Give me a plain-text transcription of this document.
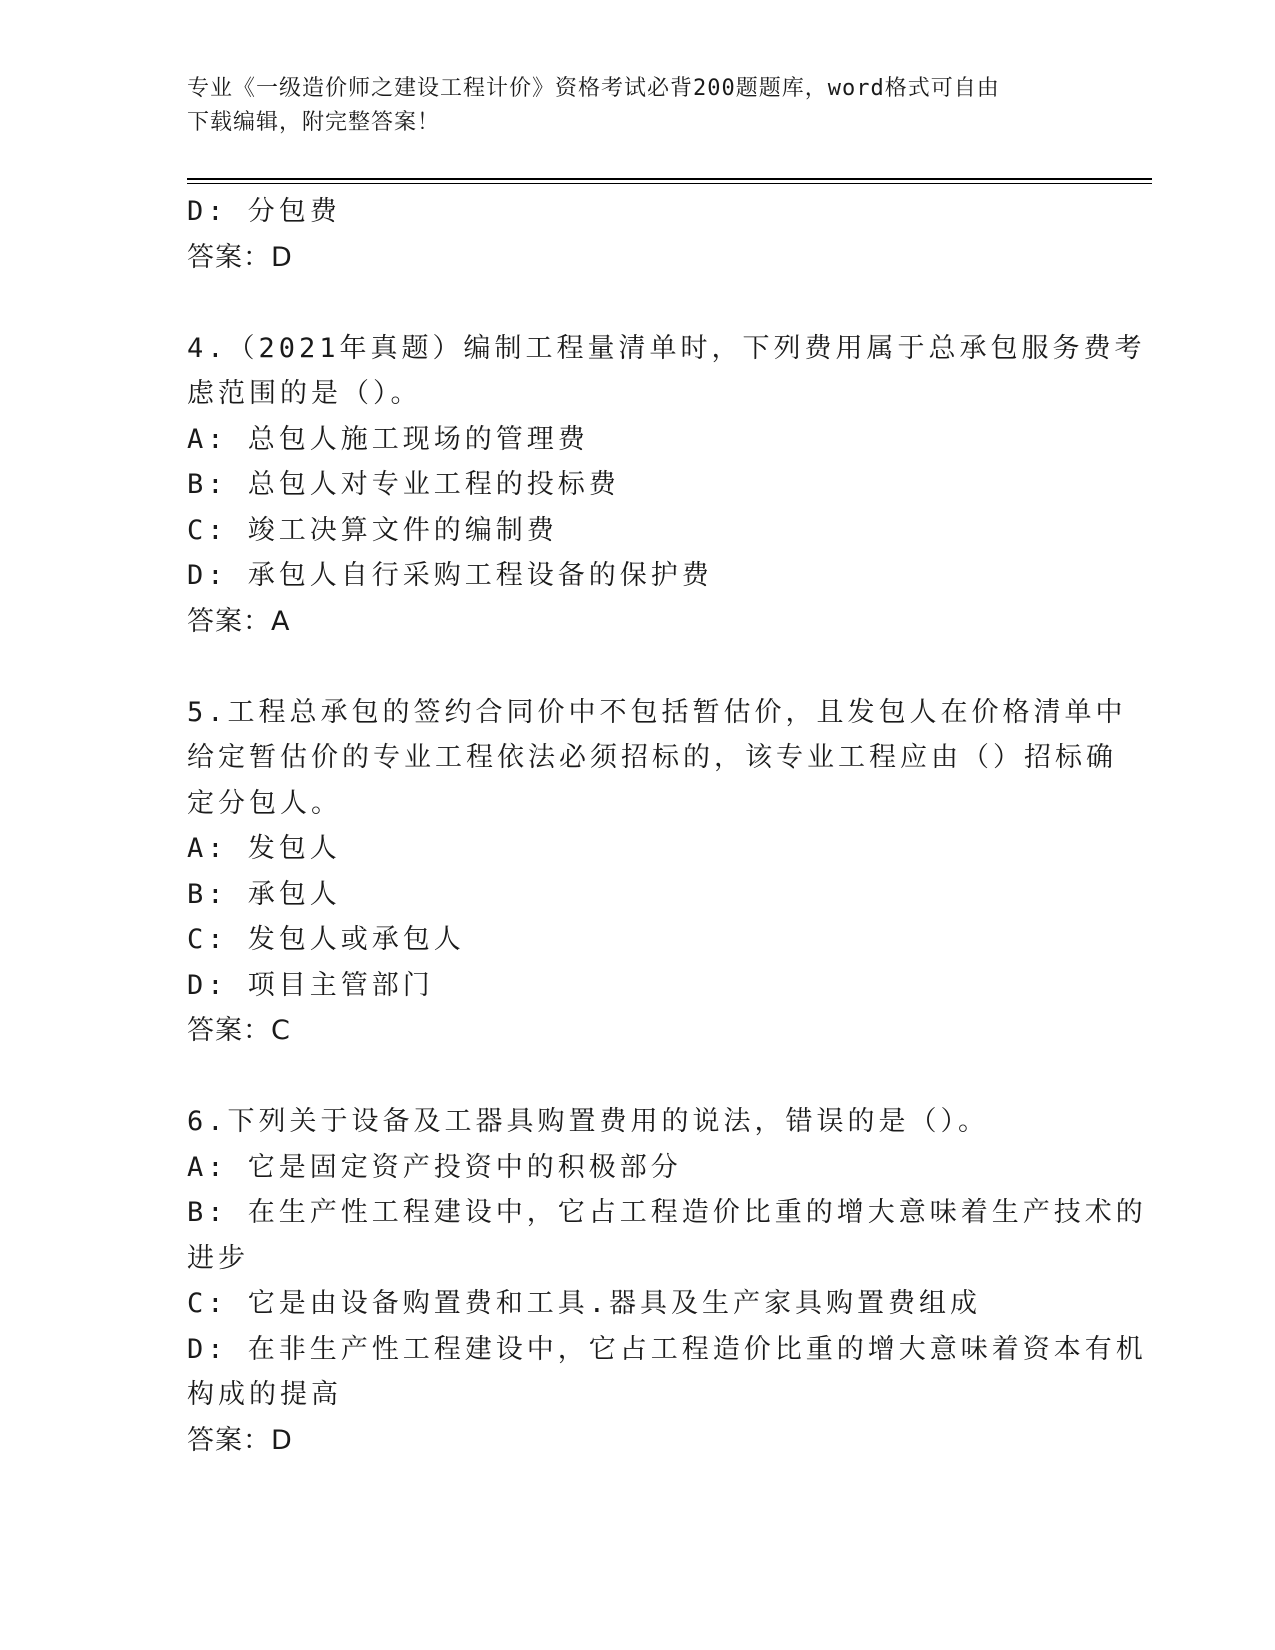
专业《一级造价师之建设工程计价》资格考试必背200题题库，word格式可自由
下载编辑，附完整答案！
D: 分包费
答案：D
4.（2021年真题）编制工程量清单时，下列费用属于总承包服务费考
虑范围的是（）。
A: 总包人施工现场的管理费
B: 总包人对专业工程的投标费
C: 竣工决算文件的编制费
D: 承包人自行采购工程设备的保护费
答案：A
5.工程总承包的签约合同价中不包括暂估价，且发包人在价格清单中
给定暂估价的专业工程依法必须招标的，该专业工程应由（）招标确
定分包人。
A: 发包人
B: 承包人
C: 发包人或承包人
D: 项目主管部门
答案：C
6.下列关于设备及工器具购置费用的说法，错误的是（）。
A: 它是固定资产投资中的积极部分
B: 在生产性工程建设中，它占工程造价比重的增大意味着生产技术的
进步
C: 它是由设备购置费和工具.器具及生产家具购置费组成
D: 在非生产性工程建设中，它占工程造价比重的增大意味着资本有机
构成的提高
答案：D
